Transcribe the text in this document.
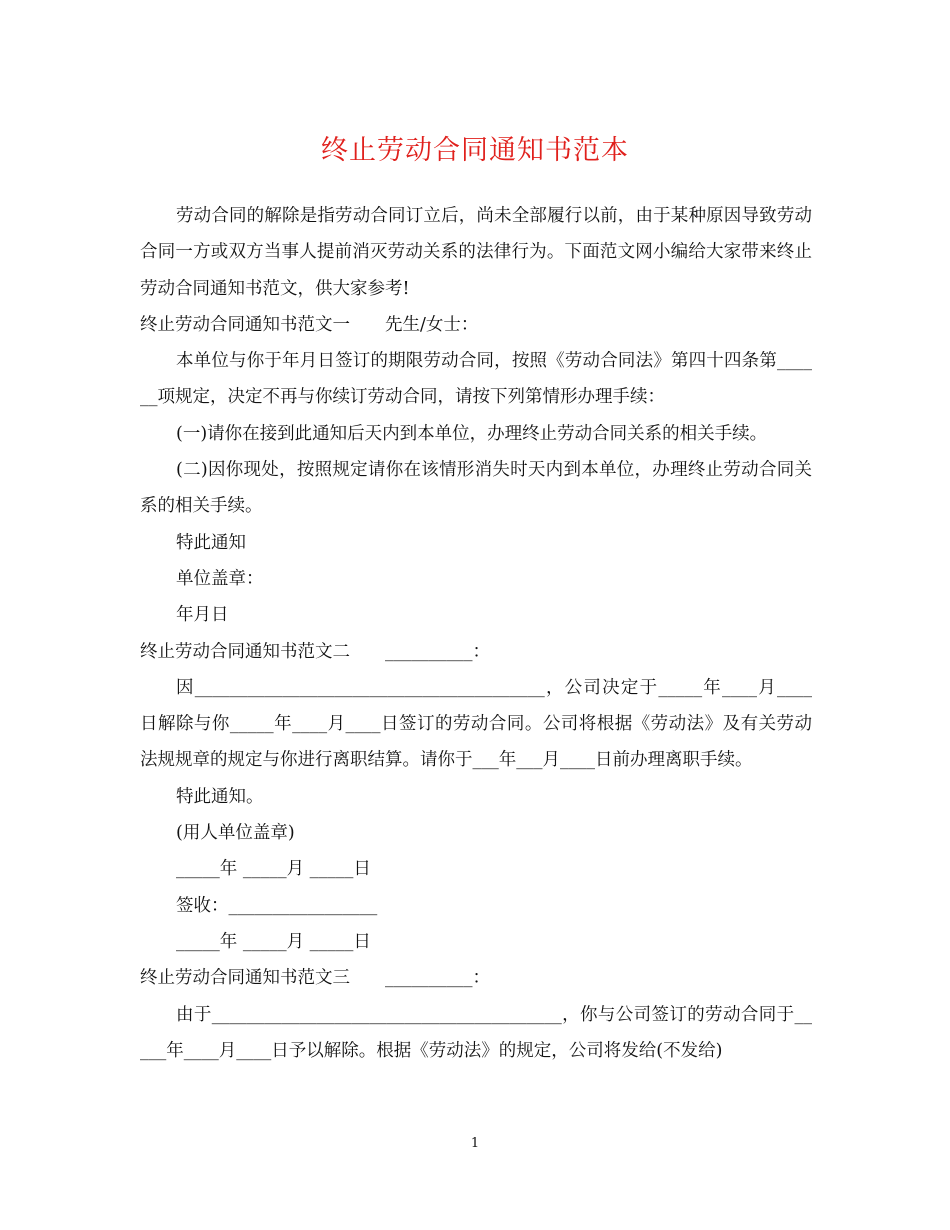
终止劳动合同通知书范本

劳动合同的解除是指劳动合同订立后，尚未全部履行以前，由于某种原因导致劳动合同一方或双方当事人提前消灭劳动关系的法律行为。下面范文网小编给大家带来终止劳动合同通知书范文，供大家参考!

终止劳动合同通知书范文一　　先生/女士：

本单位与你于年月日签订的期限劳动合同，按照《劳动合同法》第四十四条第______项规定，决定不再与你续订劳动合同，请按下列第情形办理手续：

(一)请你在接到此通知后天内到本单位，办理终止劳动合同关系的相关手续。

(二)因你现处，按照规定请你在该情形消失时天内到本单位，办理终止劳动合同关系的相关手续。

特此通知

单位盖章：

年月日

终止劳动合同通知书范文二　　__________：

因________________________________________，公司决定于_____年____月____日解除与你_____年____月____日签订的劳动合同。公司将根据《劳动法》及有关劳动法规规章的规定与你进行离职结算。请你于___年___月____日前办理离职手续。

特此通知。

(用人单位盖章)

_____年 _____月 _____日

签收：_________________

_____年 _____月 _____日

终止劳动合同通知书范文三　　__________：

由于________________________________________，你与公司签订的劳动合同于_____年____月____日予以解除。根据《劳动法》的规定，公司将发给(不发给)

1
